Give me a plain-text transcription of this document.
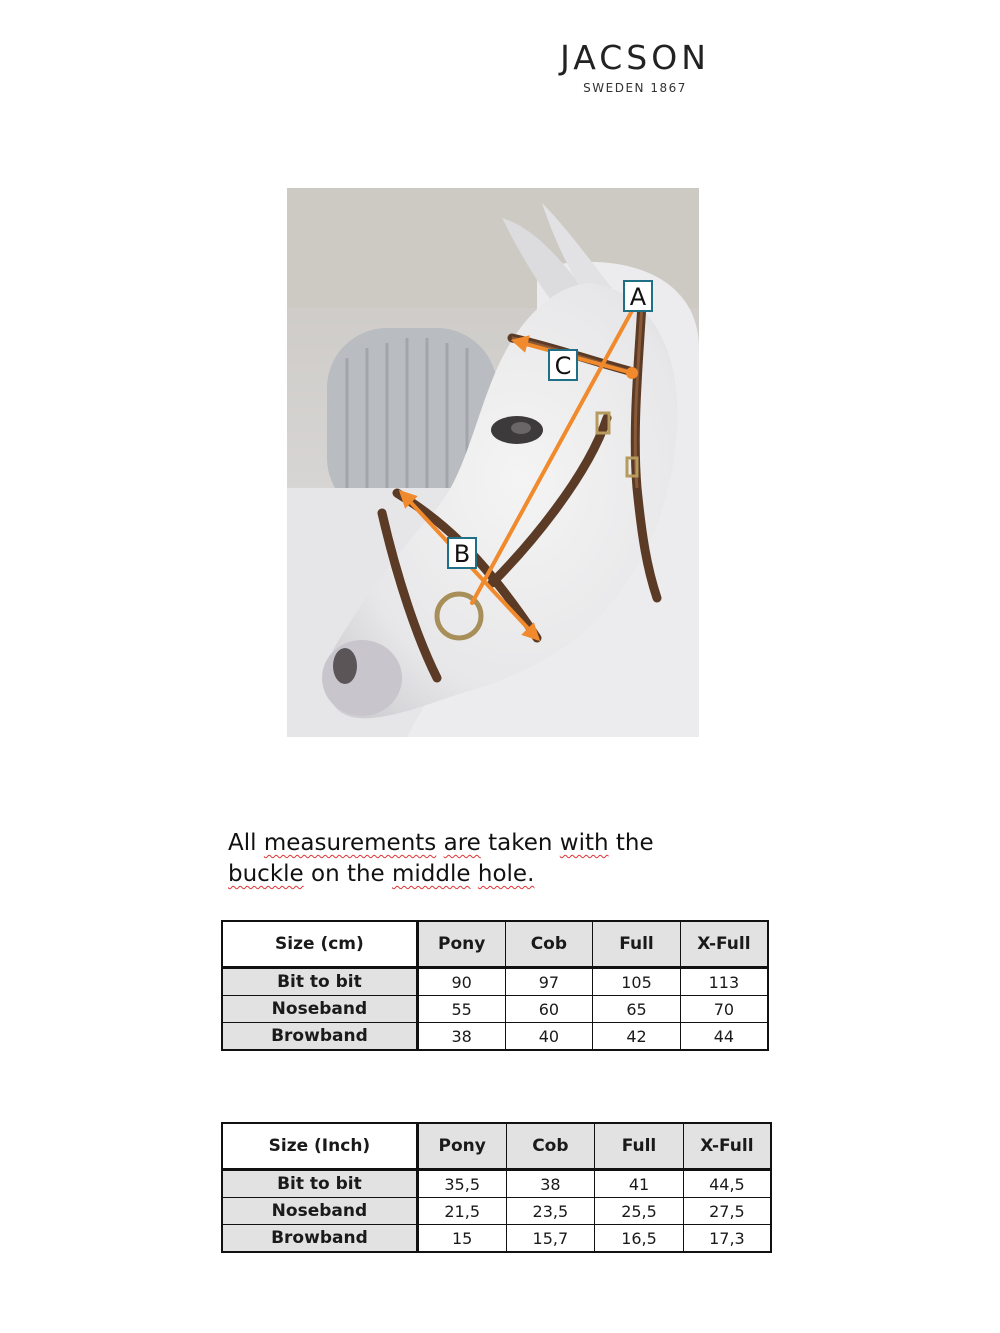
JACSON
SWEDEN 1867
A
C
B
All measurements are taken with the
buckle on the middle hole.
Size (cm)	Pony	Cob	Full	X-Full
Bit to bit	90	97	105	113
Noseband	55	60	65	70
Browband	38	40	42	44
Size (Inch)	Pony	Cob	Full	X-Full
Bit to bit	35,5	38	41	44,5
Noseband	21,5	23,5	25,5	27,5
Browband	15	15,7	16,5	17,3
